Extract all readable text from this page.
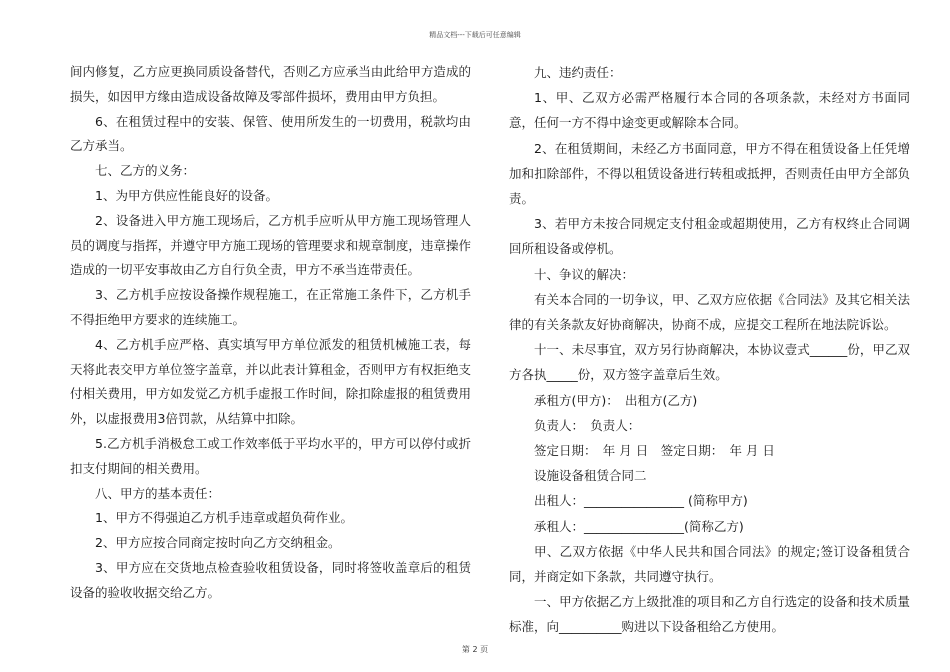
精品文档---下载后可任意编辑

间内修复，乙方应更换同质设备替代，否则乙方应承当由此给甲方造成的损失，如因甲方缘由造成设备故障及零部件损坏，费用由甲方负担。

6、在租赁过程中的安装、保管、使用所发生的一切费用，税款均由乙方承当。

七、乙方的义务：

1、为甲方供应性能良好的设备。

2、设备进入甲方施工现场后，乙方机手应听从甲方施工现场管理人员的调度与指挥，并遵守甲方施工现场的管理要求和规章制度，违章操作造成的一切平安事故由乙方自行负全责，甲方不承当连带责任。

3、乙方机手应按设备操作规程施工，在正常施工条件下，乙方机手不得拒绝甲方要求的连续施工。

4、乙方机手应严格、真实填写甲方单位派发的租赁机械施工表，每天将此表交甲方单位签字盖章，并以此表计算租金，否则甲方有权拒绝支付相关费用，甲方如发觉乙方机手虚报工作时间，除扣除虚报的租赁费用外，以虚报费用3倍罚款，从结算中扣除。

5.乙方机手消极怠工或工作效率低于平均水平的，甲方可以停付或折扣支付期间的相关费用。

八、甲方的基本责任：

1、甲方不得强迫乙方机手违章或超负荷作业。

2、甲方应按合同商定按时向乙方交纳租金。

3、甲方应在交货地点检查验收租赁设备，同时将签收盖章后的租赁设备的验收收据交给乙方。

九、违约责任：

1、甲、乙双方必需严格履行本合同的各项条款，未经对方书面同意，任何一方不得中途变更或解除本合同。

2、在租赁期间，未经乙方书面同意，甲方不得在租赁设备上任凭增加和扣除部件，不得以租赁设备进行转租或抵押，否则责任由甲方全部负责。

3、若甲方未按合同规定支付租金或超期使用，乙方有权终止合同调回所租设备或停机。

十、争议的解决：

有关本合同的一切争议，甲、乙双方应依据《合同法》及其它相关法律的有关条款友好协商解决，协商不成，应提交工程所在地法院诉讼。

十一、未尽事宜，双方另行协商解决，本协议壹式______份，甲乙双方各执_____份，双方签字盖章后生效。

承租方(甲方)：　出租方(乙方)

负责人：　负责人：

签定日期：　年 月 日　签定日期：　年 月 日

设施设备租赁合同二

出租人：________________ (简称甲方)

承租人：________________(简称乙方)

甲、乙双方依据《中华人民共和国合同法》的规定;签订设备租赁合同，并商定如下条款，共同遵守执行。

一、甲方依据乙方上级批准的项目和乙方自行选定的设备和技术质量标准，向__________购进以下设备租给乙方使用。

第 2 页
